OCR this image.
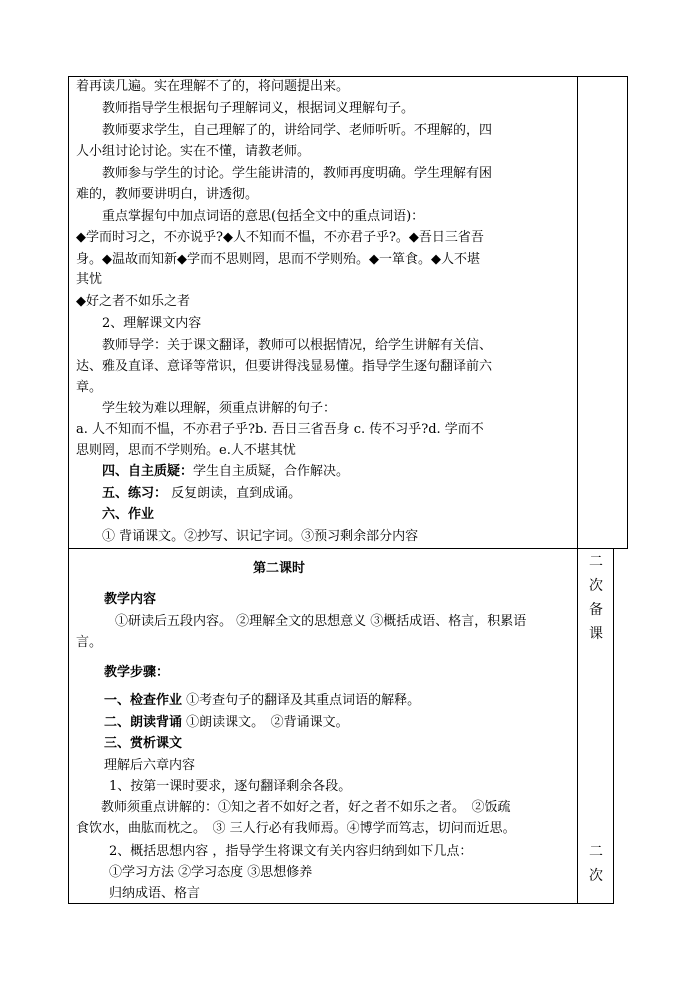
着再读几遍。实在理解不了的，将问题提出来。
　　教师指导学生根据句子理解词义，根据词义理解句子。
　　教师要求学生，自己理解了的，讲给同学、老师听听。不理解的，四
人小组讨论讨论。实在不懂，请教老师。
　　教师参与学生的讨论。学生能讲清的，教师再度明确。学生理解有困
难的，教师要讲明白，讲透彻。
　　重点掌握句中加点词语的意思(包括全文中的重点词语)：
◆学而时习之，不亦说乎?◆人不知而不愠，不亦君子乎?。◆吾日三省吾
身。◆温故而知新◆学而不思则罔，思而不学则殆。◆一箪食。◆人不堪
其忧
◆好之者不如乐之者
　　2、理解课文内容
　　教师导学：关于课文翻译，教师可以根据情况，给学生讲解有关信、
达、雅及直译、意译等常识，但要讲得浅显易懂。指导学生逐句翻译前六
章。
　　学生较为难以理解，须重点讲解的句子：
a. 人不知而不愠，不亦君子乎?b. 吾日三省吾身 c. 传不习乎?d. 学而不
思则罔，思而不学则殆。e.人不堪其忧
四、自主质疑：学生自主质疑，合作解决。
五、练习： 反复朗读，直到成诵。
六、作业
① 背诵课文。②抄写、识记字词。③预习剩余部分内容
第二课时
教学内容
　①研读后五段内容。 ②理解全文的思想意义 ③概括成语、格言，积累语
言。
教学步骤：
一、检查作业 ①考查句子的翻译及其重点词语的解释。
二、朗读背诵 ①朗读课文。　②背诵课文。
三、赏析课文
理解后六章内容
　1、按第一课时要求，逐句翻译剩余各段。
　教师须重点讲解的：①知之者不如好之者，好之者不如乐之者。　②饭疏
食饮水，曲肱而枕之。　③ 三人行必有我师焉。④博学而笃志，切问而近思。
　2、概括思想内容 ，指导学生将课文有关内容归纳到如下几点：
　①学习方法 ②学习态度 ③思想修养
　归纳成语、格言
二
次
备
课
二
次
